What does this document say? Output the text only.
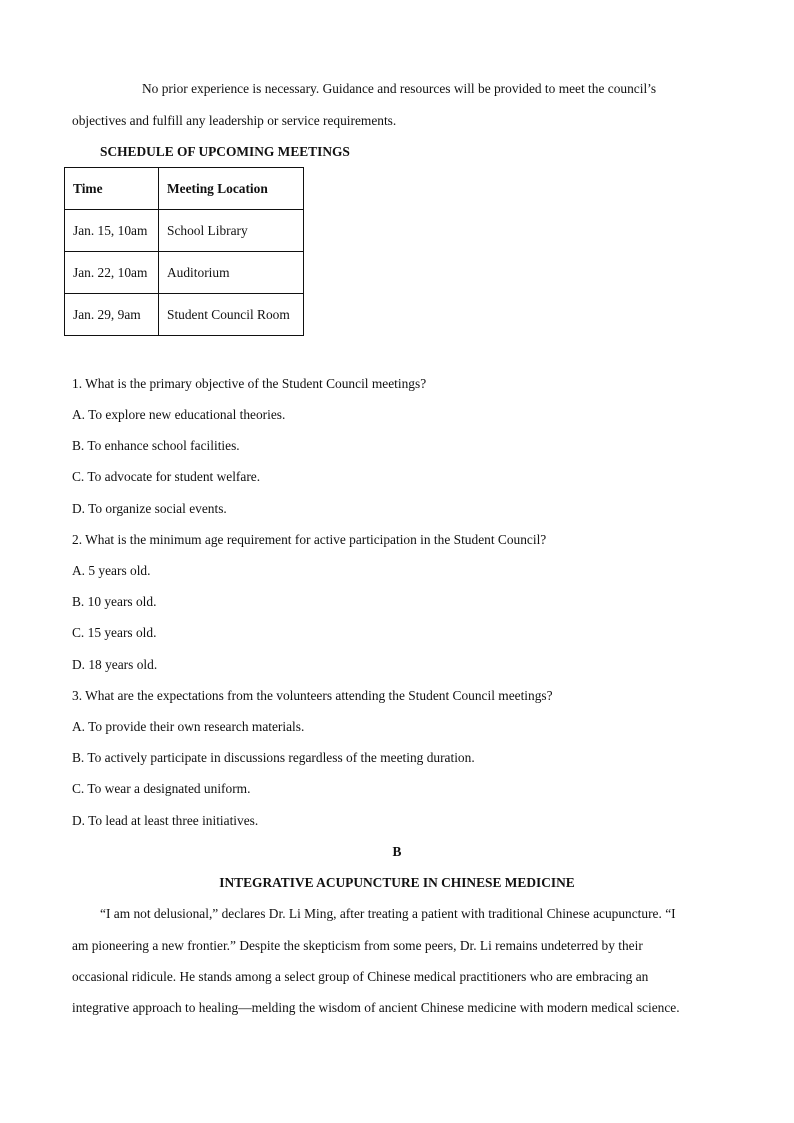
No prior experience is necessary. Guidance and resources will be provided to meet the council’s
objectives and fulfill any leadership or service requirements.
SCHEDULE OF UPCOMING MEETINGS
Time	Meeting Location
Jan. 15, 10am	School Library
Jan. 22, 10am	Auditorium
Jan. 29, 9am	Student Council Room
1. What is the primary objective of the Student Council meetings?
A. To explore new educational theories.
B. To enhance school facilities.
C. To advocate for student welfare.
D. To organize social events.
2. What is the minimum age requirement for active participation in the Student Council?
A. 5 years old.
B. 10 years old.
C. 15 years old.
D. 18 years old.
3. What are the expectations from the volunteers attending the Student Council meetings?
A. To provide their own research materials.
B. To actively participate in discussions regardless of the meeting duration.
C. To wear a designated uniform.
D. To lead at least three initiatives.
B
INTEGRATIVE ACUPUNCTURE IN CHINESE MEDICINE
“I am not delusional,” declares Dr. Li Ming, after treating a patient with traditional Chinese acupuncture. “I
am pioneering a new frontier.” Despite the skepticism from some peers, Dr. Li remains undeterred by their
occasional ridicule. He stands among a select group of Chinese medical practitioners who are embracing an
integrative approach to healing—melding the wisdom of ancient Chinese medicine with modern medical science.
